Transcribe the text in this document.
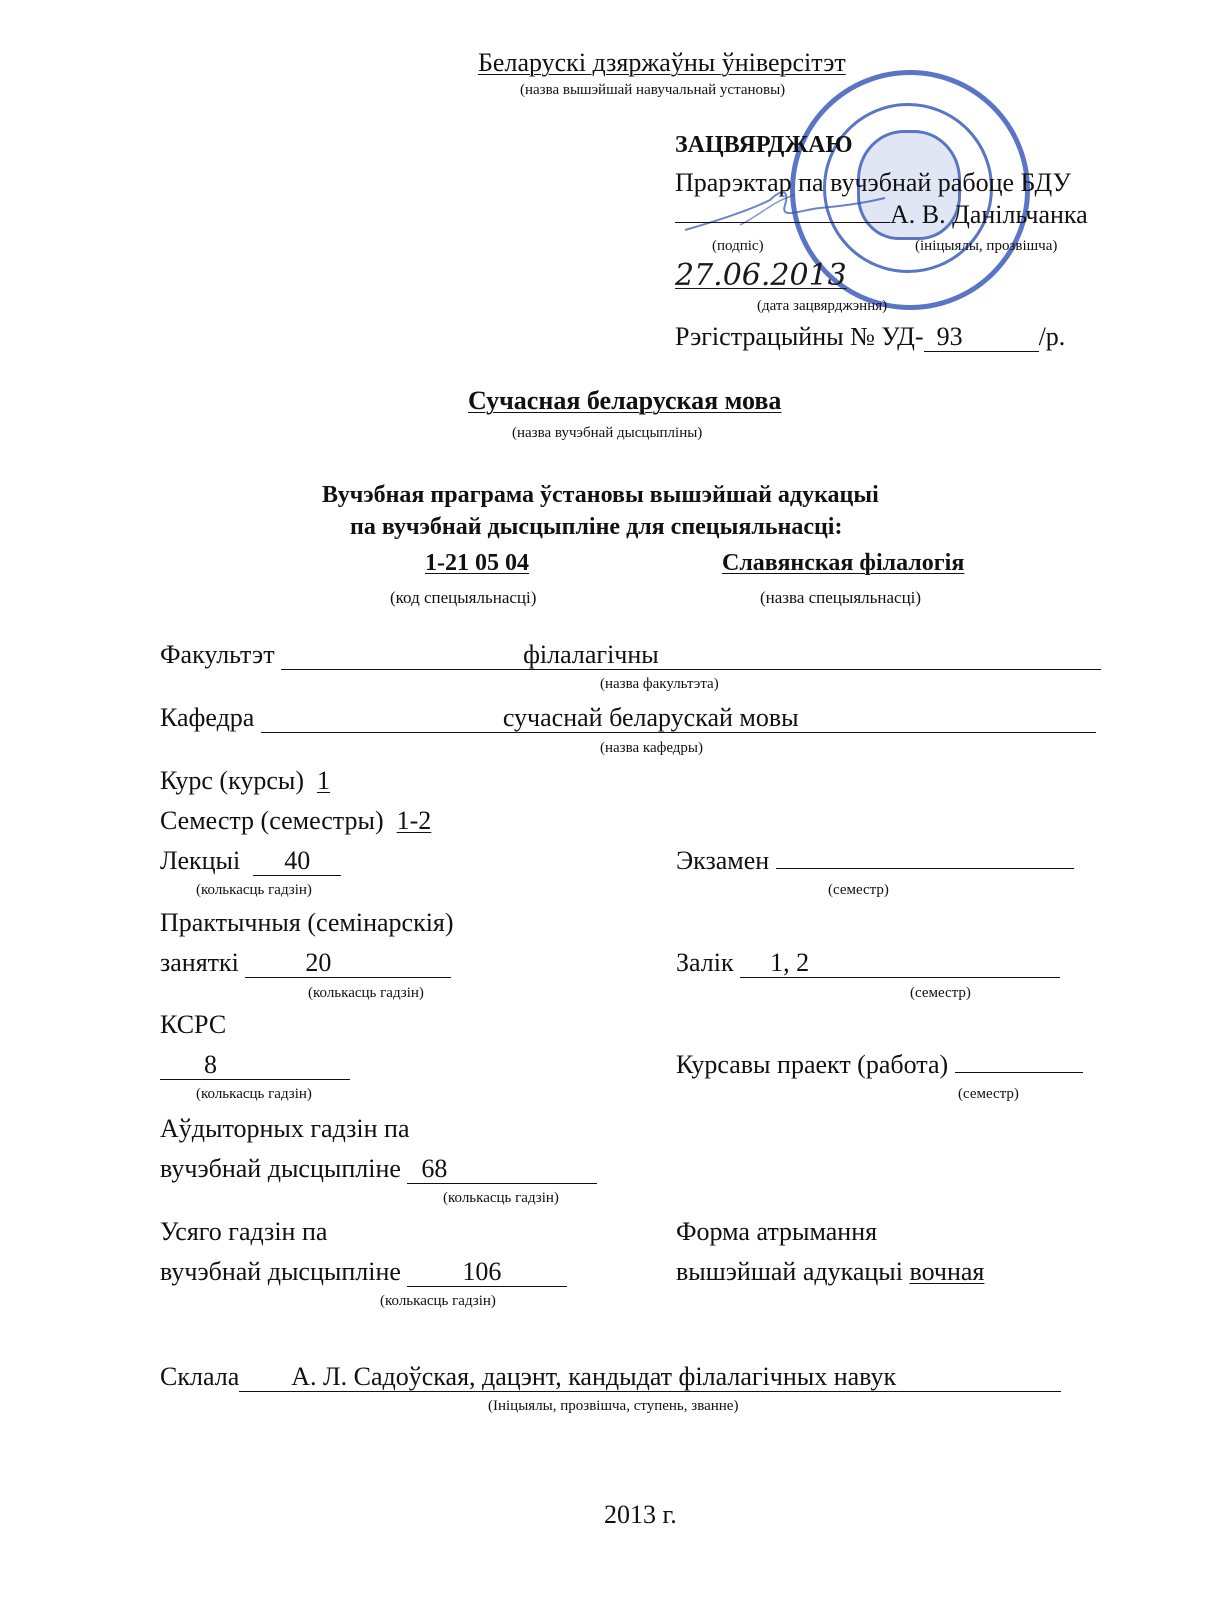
Беларускі дзяржаўны ўніверсітэт
(назва вышэйшай навучальнай установы)
ЗАЦВЯРДЖАЮ
Прарэктар па вучэбнай рабоце БДУ
А. В. Данільчанка
(подпіс)	(ініцыялы, прозвішча)
27.06.2013
(дата зацвярджэння)
Рэгістрацыйны № УД- 93	/р.
Сучасная беларуская мова
(назва вучэбнай дысцыпліны)
Вучэбная праграма ўстановы вышэйшай адукацыі
па вучэбнай дысцыпліне для спецыяльнасці:
1-21 05 04	Славянская філалогія
(код спецыяльнасці)	(назва спецыяльнасці)
Факультэт	філалагічны
(назва факультэта)
Кафедра	сучаснай беларускай мовы
(назва кафедры)
Курс (курсы) 1
Семестр (семестры) 1-2
Лекцыі 40
(колькасць гадзін)
Экзамен
(семестр)
Практычныя (семінарскія)
заняткі	20
(колькасць гадзін)
Залік 1, 2
(семестр)
КСРС
8
(колькасць гадзін)
Курсавы праект (работа)
(семестр)
Аўдыторных гадзін па
вучэбнай дысцыпліне 68
(колькасць гадзін)
Усяго гадзін па
вучэбнай дысцыпліне 106
(колькасць гадзін)
Форма атрымання
вышэйшай адукацыі вочная
Склала А. Л. Садоўская, дацэнт, кандыдат філалагічных навук
(Ініцыялы, прозвішча, ступень, званне)
2013 г.
